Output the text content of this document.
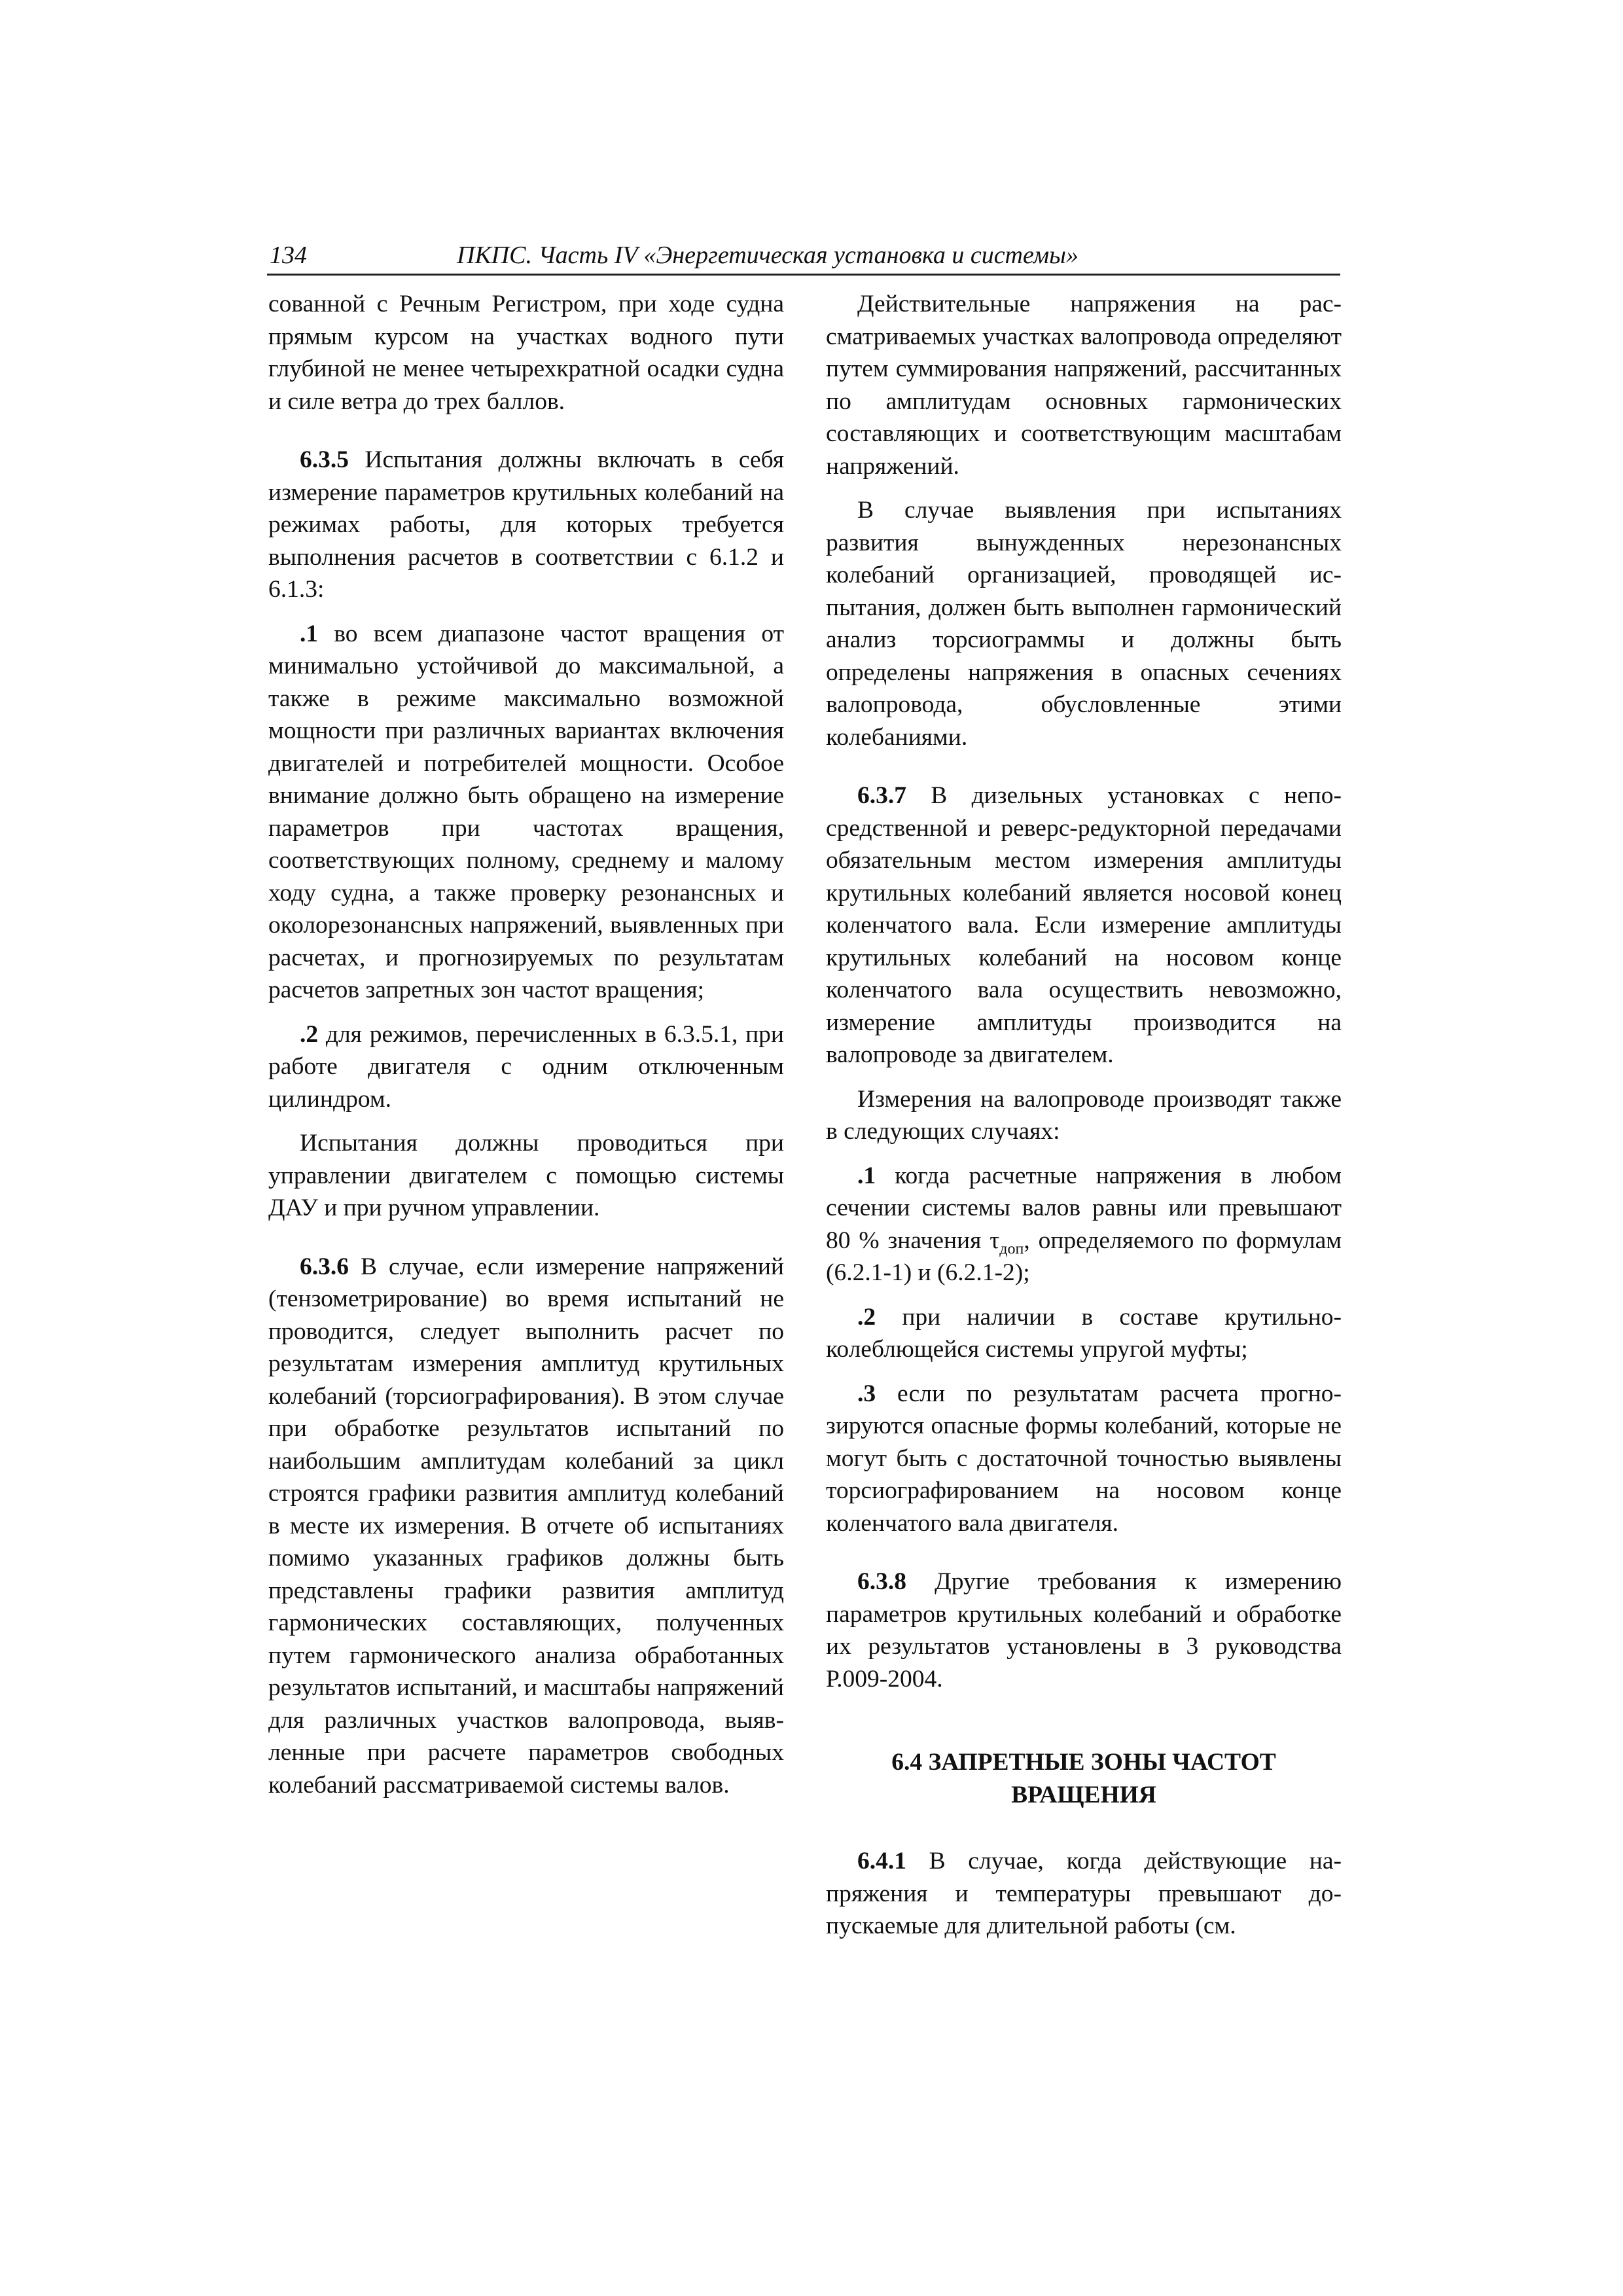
134	ПКПС. Часть IV «Энергетическая установка и системы»

сованной с Речным Регистром, при ходе судна прямым курсом на участках водного пути глубиной не менее четырехкратной осадки судна и силе ветра до трех баллов.

6.3.5 Испытания должны включать в себя измерение параметров крутильных колебаний на режимах работы, для которых требуется выполнения расчетов в соответствии с 6.1.2 и 6.1.3:

.1 во всем диапазоне частот вращения от минимально устойчивой до максимальной, а также в режиме максимально возможной мощности при различных вариантах включения двигателей и потребителей мощности. Особое внимание должно быть обращено на измерение параметров при частотах вращения, соответствующих полному, среднему и малому ходу судна, а также проверку резонансных и околорезонансных напряжений, выявленных при расчетах, и прогнозируемых по результатам расчетов запретных зон частот вращения;

.2 для режимов, перечисленных в 6.3.5.1, при работе двигателя с одним отключенным цилиндром.

Испытания должны проводиться при управлении двигателем с помощью системы ДАУ и при ручном управлении.

6.3.6 В случае, если измерение напряжений (тензометрирование) во время испытаний не проводится, следует выполнить расчет по результатам измерения амплитуд крутильных колебаний (торсиографирования). В этом случае при обработке результатов испытаний по наибольшим амплитудам колебаний за цикл строятся графики развития амплитуд колебаний в месте их измерения. В отчете об испытаниях помимо указанных графиков должны быть представлены графики развития амплитуд гармонических составляющих, полученных путем гармонического анализа обработанных результатов испытаний, и масштабы напряжений для различных участков валопровода, выявленные при расчете параметров свободных колебаний рассматриваемой системы валов.

Действительные напряжения на рассматриваемых участках валопровода определяют путем суммирования напряжений, рассчитанных по амплитудам основных гармонических составляющих и соответствующим масштабам напряжений.

В случае выявления при испытаниях развития вынужденных нерезонансных колебаний организацией, проводящей испытания, должен быть выполнен гармонический анализ торсиограммы и должны быть определены напряжения в опасных сечениях валопровода, обусловленные этими колебаниями.

6.3.7 В дизельных установках с непосредственной и реверс-редукторной передачами обязательным местом измерения амплитуды крутильных колебаний является носовой конец коленчатого вала. Если измерение амплитуды крутильных колебаний на носовом конце коленчатого вала осуществить невозможно, измерение амплитуды производится на валопроводе за двигателем.

Измерения на валопроводе производят также в следующих случаях:

.1 когда расчетные напряжения в любом сечении системы валов равны или превышают 80 % значения $\tau_{доп}$, определяемого по формулам (6.2.1-1) и (6.2.1-2);

.2 при наличии в составе крутильно-колеблющейся системы упругой муфты;

.3 если по результатам расчета прогнозируются опасные формы колебаний, которые не могут быть с достаточной точностью выявлены торсиографированием на носовом конце коленчатого вала двигателя.

6.3.8 Другие требования к измерению параметров крутильных колебаний и обработке их результатов установлены в 3 руководства Р.009-2004.

6.4 ЗАПРЕТНЫЕ ЗОНЫ ЧАСТОТ
ВРАЩЕНИЯ

6.4.1 В случае, когда действующие напряжения и температуры превышают допускаемые для длительной работы (см.
